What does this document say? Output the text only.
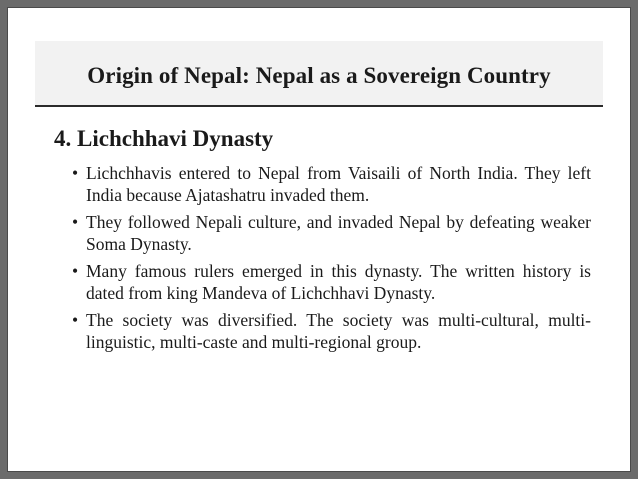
Origin of Nepal: Nepal as a Sovereign Country
4. Lichchhavi Dynasty
• Lichchhavis entered to Nepal from Vaisaili of North India. They left India because Ajatashatru invaded them.
• They followed Nepali culture, and invaded Nepal by defeating weaker Soma Dynasty.
• Many famous rulers emerged in this dynasty. The written history is dated from king Mandeva of Lichchhavi Dynasty.
• The society was diversified. The society was multi-cultural, multi-linguistic, multi-caste and multi-regional group.
